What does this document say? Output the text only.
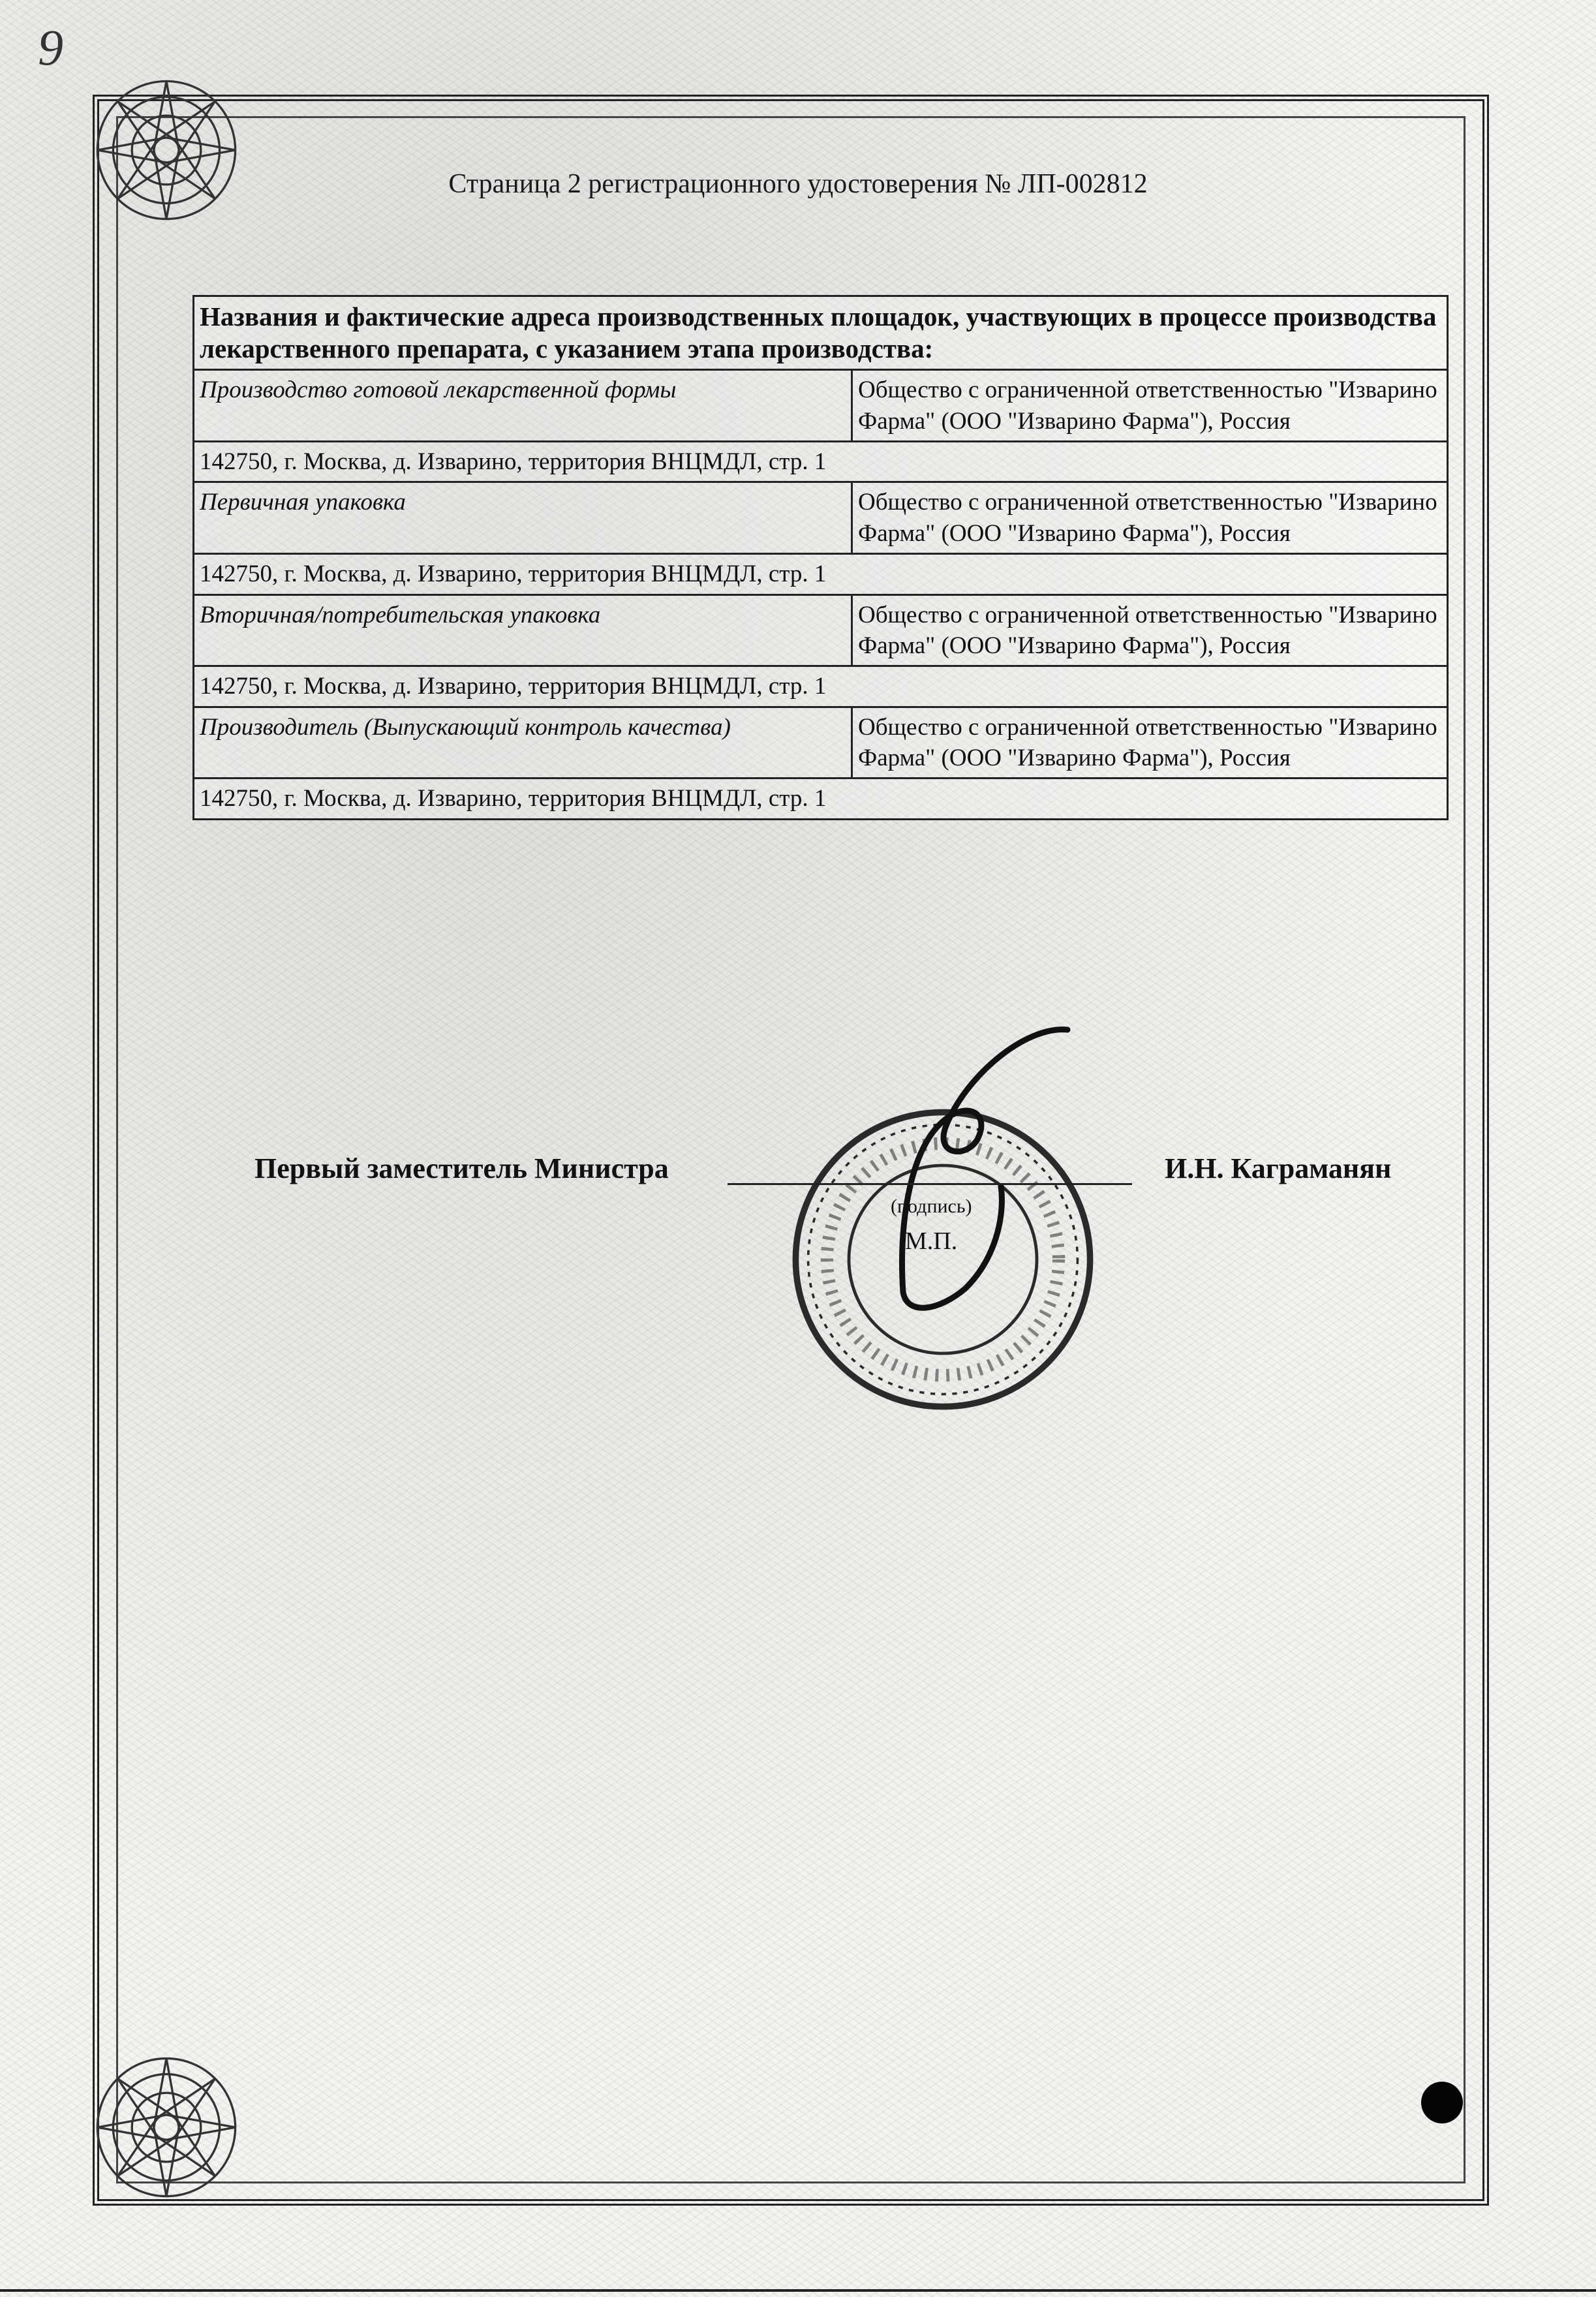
9
Страница 2 регистрационного удостоверения № ЛП-002812
Названия и фактические адреса производственных площадок, участвующих в процессе производства лекарственного препарата, с указанием этапа производства:	
Производство готовой лекарственной формы	Общество с ограниченной ответственностью "Изварино Фарма" (ООО "Изварино Фарма"), Россия
142750, г. Москва, д. Изварино, территория ВНЦМДЛ, стр. 1	
Первичная упаковка	Общество с ограниченной ответственностью "Изварино Фарма" (ООО "Изварино Фарма"), Россия
142750, г. Москва, д. Изварино, территория ВНЦМДЛ, стр. 1	
Вторичная/потребительская упаковка	Общество с ограниченной ответственностью "Изварино Фарма" (ООО "Изварино Фарма"), Россия
142750, г. Москва, д. Изварино, территория ВНЦМДЛ, стр. 1	
Производитель (Выпускающий контроль качества)	Общество с ограниченной ответственностью "Изварино Фарма" (ООО "Изварино Фарма"), Россия
142750, г. Москва, д. Изварино, территория ВНЦМДЛ, стр. 1	
Первый заместитель Министра	И.Н. Каграманян
(подпись)
М.П.
